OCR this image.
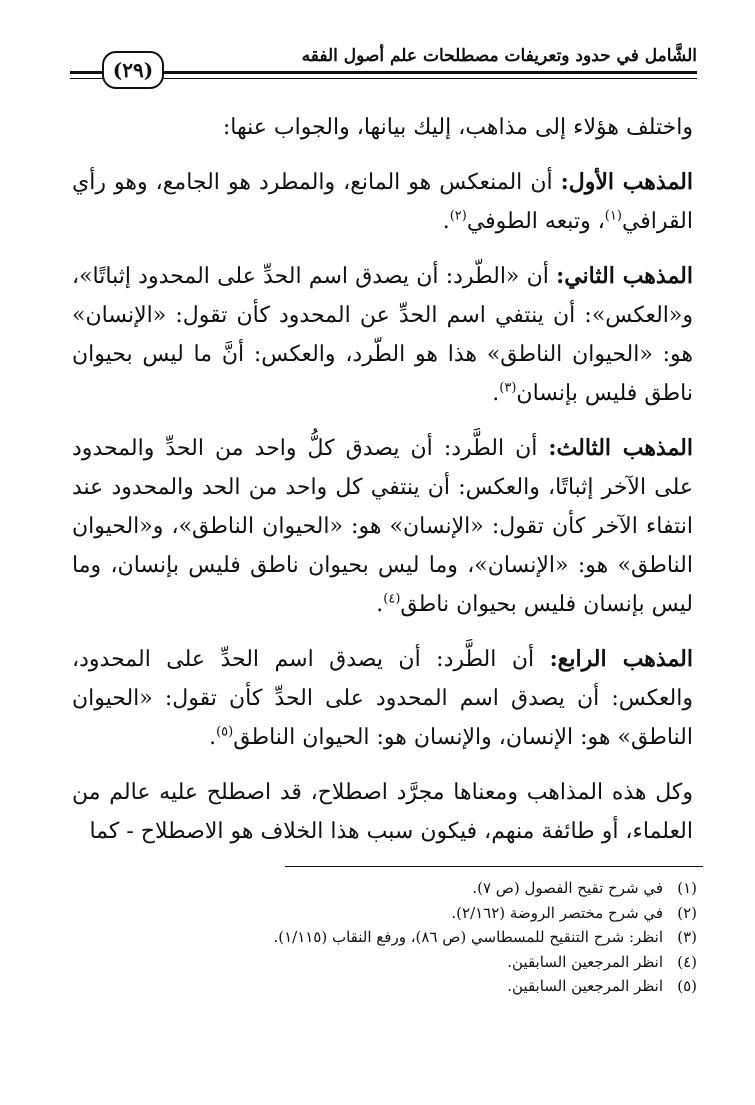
الشَّامل في حدود وتعريفات مصطلحات علم أصول الفقه
(٢٩)

واختلف هؤلاء إلى مذاهب، إليك بيانها، والجواب عنها:

المذهب الأول: أن المنعكس هو المانع، والمطرد هو الجامع، وهو رأي القرافي$^{(١)}$، وتبعه الطوفي$^{(٢)}$.

المذهب الثاني: أن «الطّرد: أن يصدق اسم الحدِّ على المحدود إثباتًا»، و«العكس»: أن ينتفي اسم الحدِّ عن المحدود كأن تقول: «الإنسان» هو: «الحيوان الناطق» هذا هو الطّرد، والعكس: أنَّ ما ليس بحيوان ناطق فليس بإنسان$^{(٣)}$.

المذهب الثالث: أن الطَّرد: أن يصدق كلُّ واحد من الحدِّ والمحدود على الآخر إثباتًا، والعكس: أن ينتفي كل واحد من الحد والمحدود عند انتفاء الآخر كأن تقول: «الإنسان» هو: «الحيوان الناطق»، و«الحيوان الناطق» هو: «الإنسان»، وما ليس بحيوان ناطق فليس بإنسان، وما ليس بإنسان فليس بحيوان ناطق$^{(٤)}$.

المذهب الرابع: أن الطَّرد: أن يصدق اسم الحدِّ على المحدود، والعكس: أن يصدق اسم المحدود على الحدِّ كأن تقول: «الحيوان الناطق» هو: الإنسان، والإنسان هو: الحيوان الناطق$^{(٥)}$.

وكل هذه المذاهب ومعناها مجرَّد اصطلاح، قد اصطلح عليه عالم من العلماء، أو طائفة منهم، فيكون سبب هذا الخلاف هو الاصطلاح - كما

(١)في شرح تقيح الفصول (ص ٧).
(٢)في شرح مختصر الروضة (٢/١٦٢).
(٣)انظر: شرح التنقيح للمسطاسي (ص ٨٦)، ورفع النقاب (١/١١٥).
(٤)انظر المرجعين السابقين.
(٥)انظر المرجعين السابقين.
